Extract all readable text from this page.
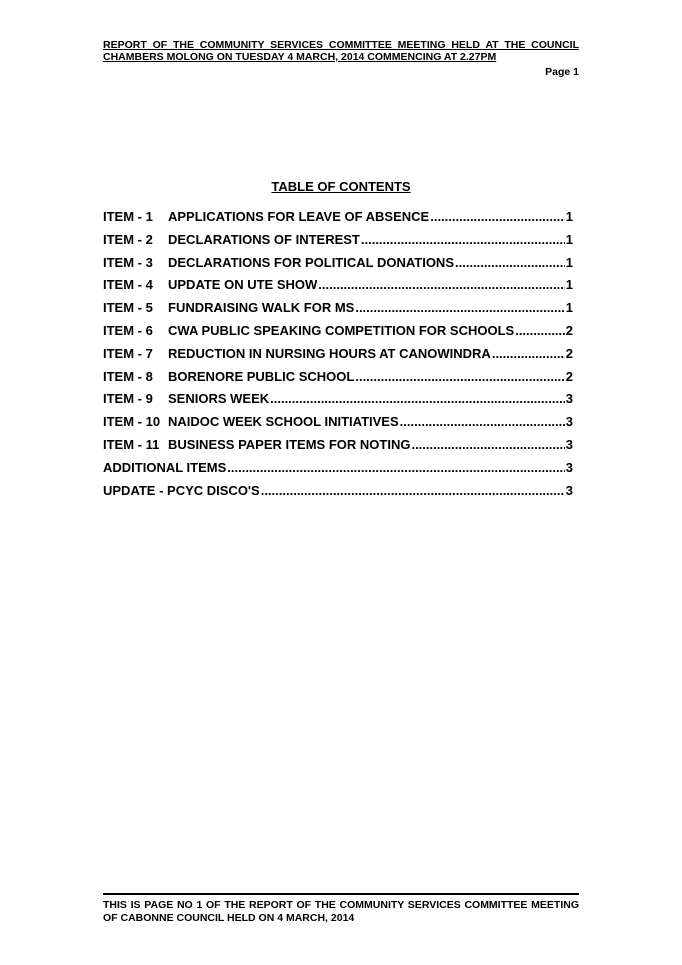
REPORT OF THE COMMUNITY SERVICES COMMITTEE MEETING HELD AT THE COUNCIL CHAMBERS MOLONG ON TUESDAY 4 MARCH, 2014 COMMENCING AT 2.27PM

Page 1
TABLE OF CONTENTS
ITEM - 1	APPLICATIONS FOR LEAVE OF ABSENCE .....	1
ITEM - 2	DECLARATIONS OF INTEREST .....	1
ITEM - 3	DECLARATIONS FOR POLITICAL DONATIONS .....	1
ITEM - 4	UPDATE ON UTE SHOW .....	1
ITEM - 5	FUNDRAISING WALK FOR MS .....	1
ITEM - 6	CWA PUBLIC SPEAKING COMPETITION FOR SCHOOLS .....	2
ITEM - 7	REDUCTION IN NURSING HOURS AT CANOWINDRA .....	2
ITEM - 8	BORENORE PUBLIC SCHOOL .....	2
ITEM - 9	SENIORS WEEK .....	3
ITEM - 10 NAIDOC WEEK SCHOOL INITIATIVES .....	3
ITEM - 11 BUSINESS PAPER ITEMS FOR NOTING .....	3
ADDITIONAL ITEMS .....	3
UPDATE - PCYC DISCO'S .....	3

THIS IS PAGE NO 1 OF THE REPORT OF THE COMMUNITY SERVICES COMMITTEE MEETING OF CABONNE COUNCIL HELD ON 4 MARCH, 2014
